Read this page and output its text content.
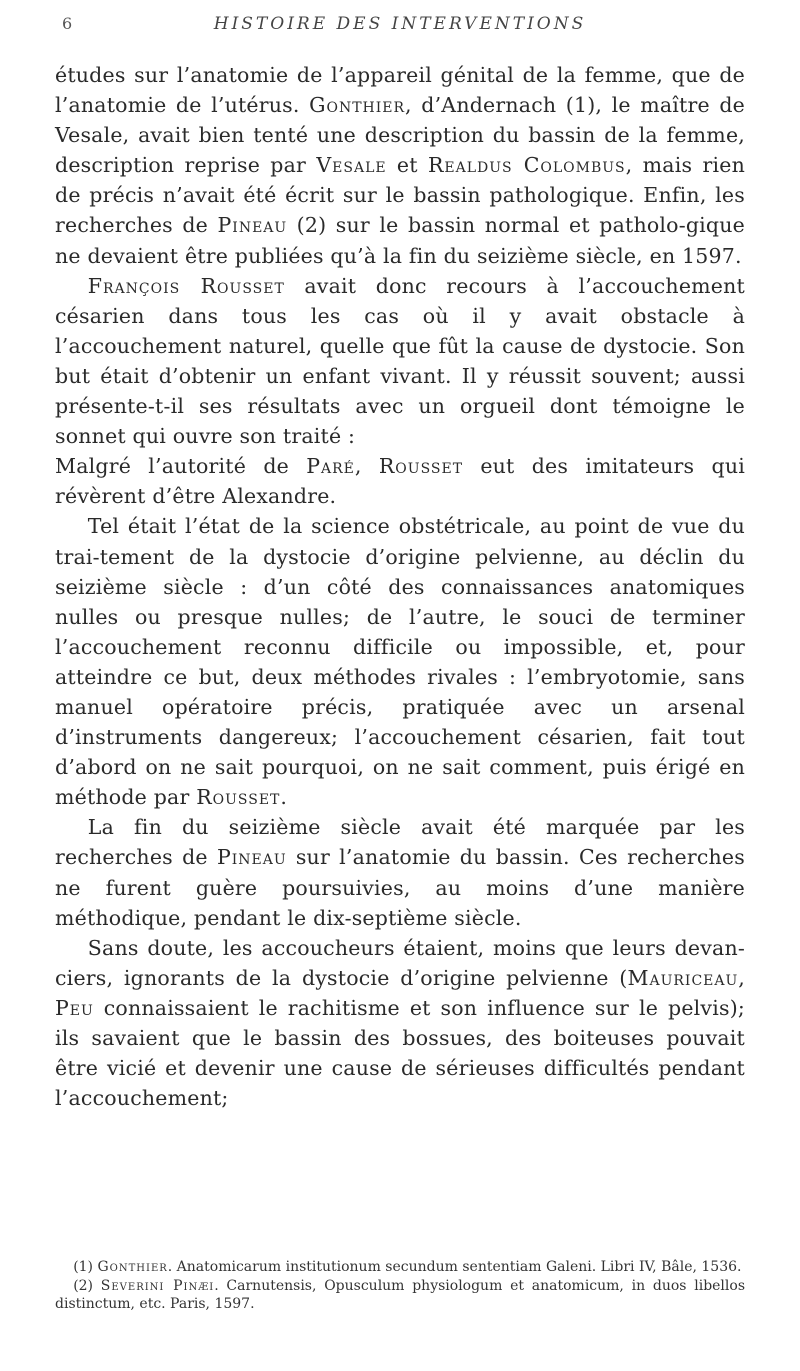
6	HISTOIRE DES INTERVENTIONS

études sur l’anatomie de l’appareil génital de la femme, que de l’anatomie de l’utérus. Gonthier, d’Andernach (1), le maître de Vesale, avait bien tenté une description du bassin de la femme, description reprise par Vesale et Realdus Colombus, mais rien de précis n’avait été écrit sur le bassin pathologique. Enfin, les recherches de Pineau (2) sur le bassin normal et patholo-gique ne devaient être publiées qu’à la fin du seizième siècle, en 1597.

François Rousset avait donc recours à l’accouchement césarien dans tous les cas où il y avait obstacle à l’accouchement naturel, quelle que fût la cause de dystocie. Son but était d’obtenir un enfant vivant. Il y réussit souvent; aussi présente-t-il ses résultats avec un orgueil dont témoigne le sonnet qui ouvre son traité :

Malgré l’autorité de Paré, Rousset eut des imitateurs qui révèrent d’être Alexandre.

Tel était l’état de la science obstétricale, au point de vue du trai-tement de la dystocie d’origine pelvienne, au déclin du seizième siècle : d’un côté des connaissances anatomiques nulles ou presque nulles; de l’autre, le souci de terminer l’accouchement reconnu difficile ou impossible, et, pour atteindre ce but, deux méthodes rivales : l’embryotomie, sans manuel opératoire précis, pratiquée avec un arsenal d’instruments dangereux; l’accouchement césarien, fait tout d’abord on ne sait pourquoi, on ne sait comment, puis érigé en méthode par Rousset.

La fin du seizième siècle avait été marquée par les recherches de Pineau sur l’anatomie du bassin. Ces recherches ne furent guère poursuivies, au moins d’une manière méthodique, pendant le dix-septième siècle.

Sans doute, les accoucheurs étaient, moins que leurs devan-ciers, ignorants de la dystocie d’origine pelvienne (Mauriceau, Peu connaissaient le rachitisme et son influence sur le pelvis); ils savaient que le bassin des bossues, des boiteuses pouvait être vicié et devenir une cause de sérieuses difficultés pendant l’accouchement;

(1) Gonthier. Anatomicarum institutionum secundum sententiam Galeni. Libri IV, Bâle, 1536.

(2) Severini Pinæi. Carnutensis, Opusculum physiologum et anatomicum, in duos libellos distinctum, etc. Paris, 1597.
